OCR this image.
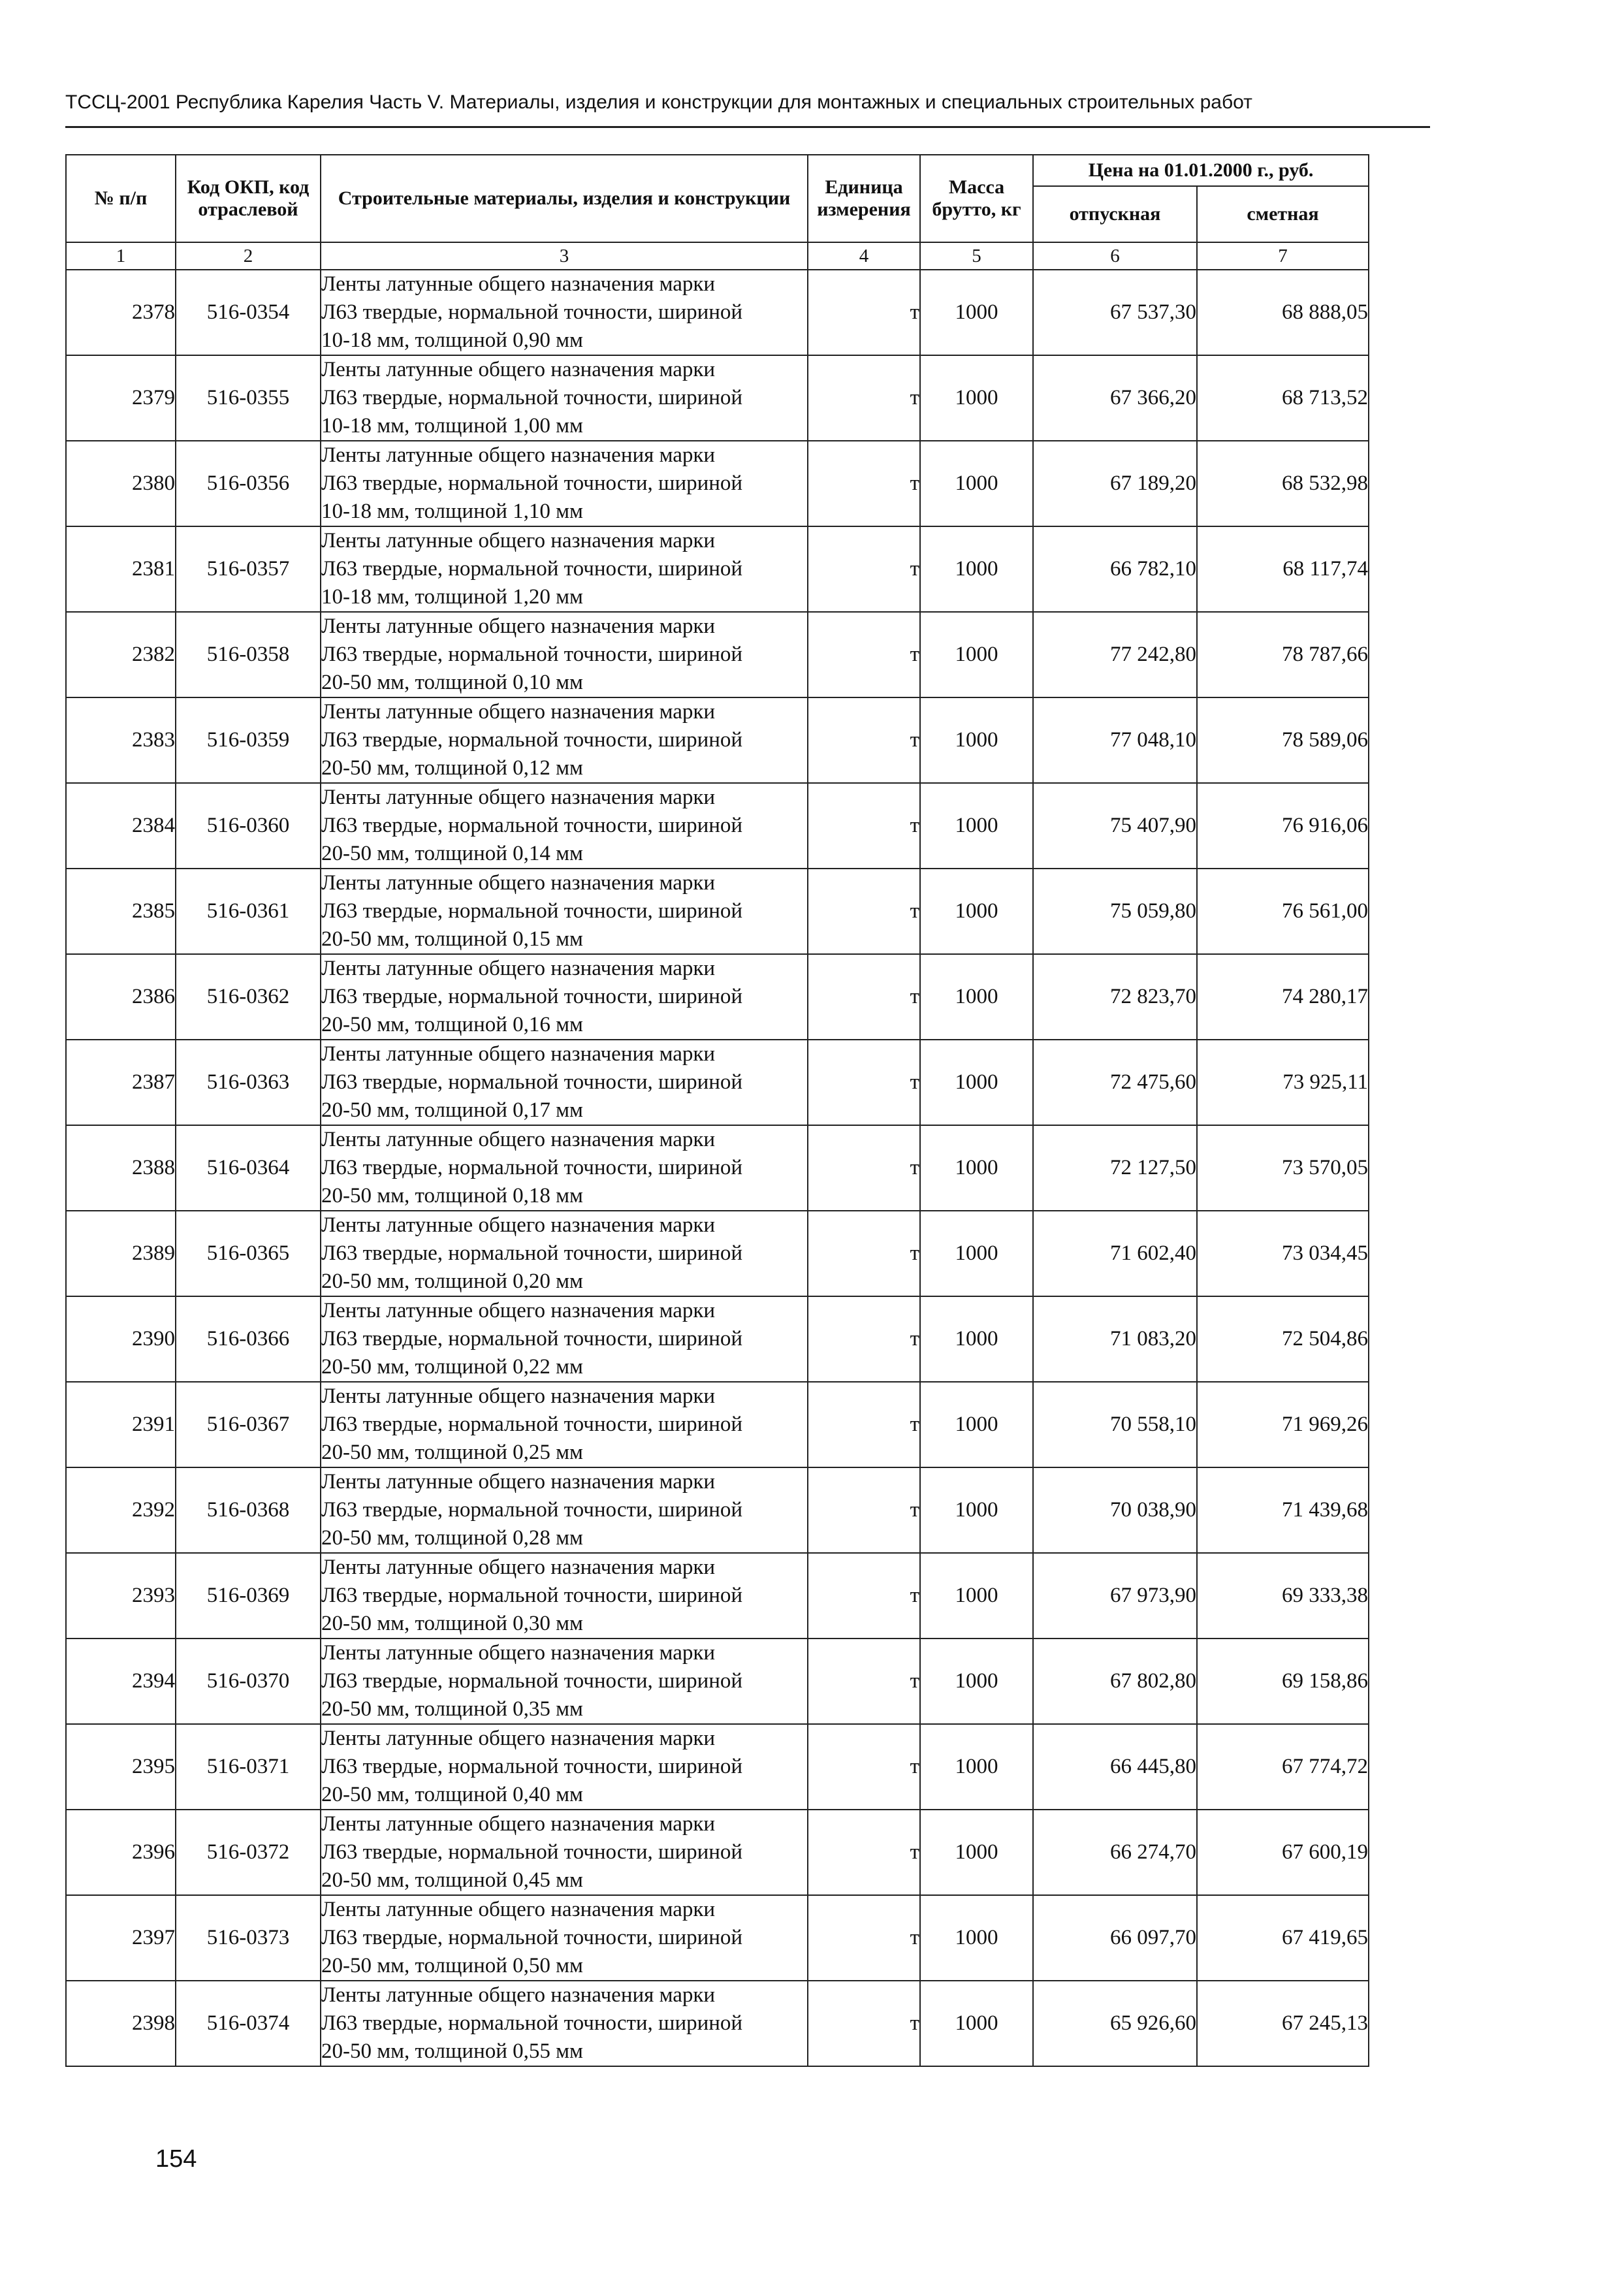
ТССЦ-2001 Республика Карелия Часть V. Материалы, изделия и конструкции для монтажных и специальных строительных работ
№ п/п	Код ОКП, код отраслевой	Строительные материалы, изделия и конструкции	Единица измерения	Масса брутто, кг	Цена на 01.01.2000 г., руб.	
					отпускная	сметная
1	2	3	4	5	6	7
2378	516-0354	Ленты латунные общего назначения марки
Л63 твердые, нормальной точности, шириной
10-18 мм, толщиной 0,90 мм	т	1000	67 537,30	68 888,05
2379	516-0355	Ленты латунные общего назначения марки
Л63 твердые, нормальной точности, шириной
10-18 мм, толщиной 1,00 мм	т	1000	67 366,20	68 713,52
2380	516-0356	Ленты латунные общего назначения марки
Л63 твердые, нормальной точности, шириной
10-18 мм, толщиной 1,10 мм	т	1000	67 189,20	68 532,98
2381	516-0357	Ленты латунные общего назначения марки
Л63 твердые, нормальной точности, шириной
10-18 мм, толщиной 1,20 мм	т	1000	66 782,10	68 117,74
2382	516-0358	Ленты латунные общего назначения марки
Л63 твердые, нормальной точности, шириной
20-50 мм, толщиной 0,10 мм	т	1000	77 242,80	78 787,66
2383	516-0359	Ленты латунные общего назначения марки
Л63 твердые, нормальной точности, шириной
20-50 мм, толщиной 0,12 мм	т	1000	77 048,10	78 589,06
2384	516-0360	Ленты латунные общего назначения марки
Л63 твердые, нормальной точности, шириной
20-50 мм, толщиной 0,14 мм	т	1000	75 407,90	76 916,06
2385	516-0361	Ленты латунные общего назначения марки
Л63 твердые, нормальной точности, шириной
20-50 мм, толщиной 0,15 мм	т	1000	75 059,80	76 561,00
2386	516-0362	Ленты латунные общего назначения марки
Л63 твердые, нормальной точности, шириной
20-50 мм, толщиной 0,16 мм	т	1000	72 823,70	74 280,17
2387	516-0363	Ленты латунные общего назначения марки
Л63 твердые, нормальной точности, шириной
20-50 мм, толщиной 0,17 мм	т	1000	72 475,60	73 925,11
2388	516-0364	Ленты латунные общего назначения марки
Л63 твердые, нормальной точности, шириной
20-50 мм, толщиной 0,18 мм	т	1000	72 127,50	73 570,05
2389	516-0365	Ленты латунные общего назначения марки
Л63 твердые, нормальной точности, шириной
20-50 мм, толщиной 0,20 мм	т	1000	71 602,40	73 034,45
2390	516-0366	Ленты латунные общего назначения марки
Л63 твердые, нормальной точности, шириной
20-50 мм, толщиной 0,22 мм	т	1000	71 083,20	72 504,86
2391	516-0367	Ленты латунные общего назначения марки
Л63 твердые, нормальной точности, шириной
20-50 мм, толщиной 0,25 мм	т	1000	70 558,10	71 969,26
2392	516-0368	Ленты латунные общего назначения марки
Л63 твердые, нормальной точности, шириной
20-50 мм, толщиной 0,28 мм	т	1000	70 038,90	71 439,68
2393	516-0369	Ленты латунные общего назначения марки
Л63 твердые, нормальной точности, шириной
20-50 мм, толщиной 0,30 мм	т	1000	67 973,90	69 333,38
2394	516-0370	Ленты латунные общего назначения марки
Л63 твердые, нормальной точности, шириной
20-50 мм, толщиной 0,35 мм	т	1000	67 802,80	69 158,86
2395	516-0371	Ленты латунные общего назначения марки
Л63 твердые, нормальной точности, шириной
20-50 мм, толщиной 0,40 мм	т	1000	66 445,80	67 774,72
2396	516-0372	Ленты латунные общего назначения марки
Л63 твердые, нормальной точности, шириной
20-50 мм, толщиной 0,45 мм	т	1000	66 274,70	67 600,19
2397	516-0373	Ленты латунные общего назначения марки
Л63 твердые, нормальной точности, шириной
20-50 мм, толщиной 0,50 мм	т	1000	66 097,70	67 419,65
2398	516-0374	Ленты латунные общего назначения марки
Л63 твердые, нормальной точности, шириной
20-50 мм, толщиной 0,55 мм	т	1000	65 926,60	67 245,13
154
